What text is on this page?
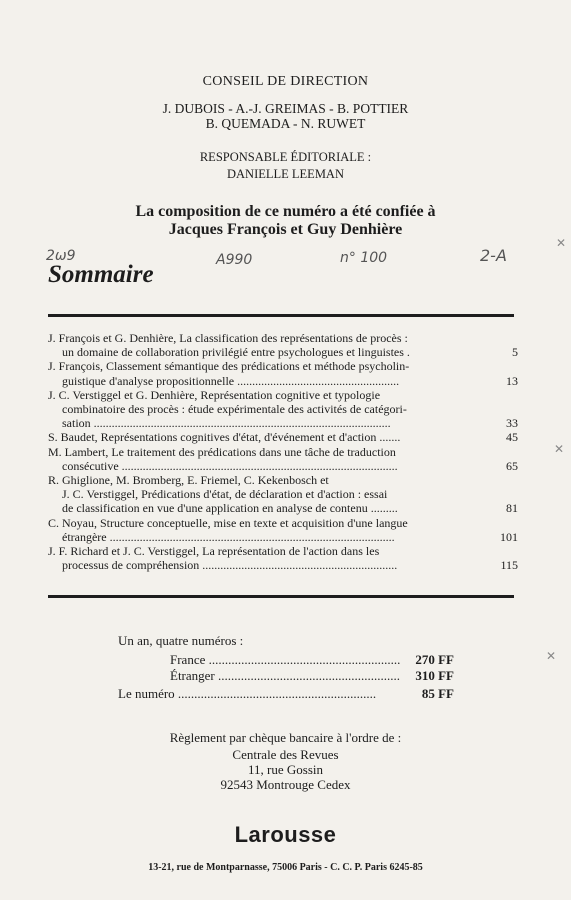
CONSEIL DE DIRECTION
J. DUBOIS - A.-J. GREIMAS - B. POTTIER
B. QUEMADA - N. RUWET
RESPONSABLE ÉDITORIALE :
DANIELLE LEEMAN
La composition de ce numéro a été confiée à
Jacques François et Guy Denhière
2ω9	A990	n° 100	2-A
Sommaire
J. François et G. Denhière, La classification des représentations de procès :
un domaine de collaboration privilégié entre psychologues et linguistes .	5
J. François, Classement sémantique des prédications et méthode psycholin-
guistique d'analyse propositionnelle ......................................................	13
J. C. Verstiggel et G. Denhière, Représentation cognitive et typologie
combinatoire des procès : étude expérimentale des activités de catégori-
sation ...................................................................................................	33
S. Baudet, Représentations cognitives d'état, d'événement et d'action .......	45
M. Lambert, Le traitement des prédications dans une tâche de traduction
consécutive ............................................................................................	65
R. Ghiglione, M. Bromberg, E. Friemel, C. Kekenbosch et
J. C. Verstiggel, Prédications d'état, de déclaration et d'action : essai
de classification en vue d'une application en analyse de contenu .........	81
C. Noyau, Structure conceptuelle, mise en texte et acquisition d'une langue
étrangère ...............................................................................................	101
J. F. Richard et J. C. Verstiggel, La représentation de l'action dans les
processus de compréhension .................................................................	115
Un an, quatre numéros :
France ........................................................... 270 FF
Étranger ........................................................ 310 FF
Le numéro .............................................................	85 FF
Règlement par chèque bancaire à l'ordre de :
Centrale des Revues
11, rue Gossin
92543 Montrouge Cedex
Larousse
13-21, rue de Montparnasse, 75006 Paris - C. C. P. Paris 6245-85
✕
✕
✕
